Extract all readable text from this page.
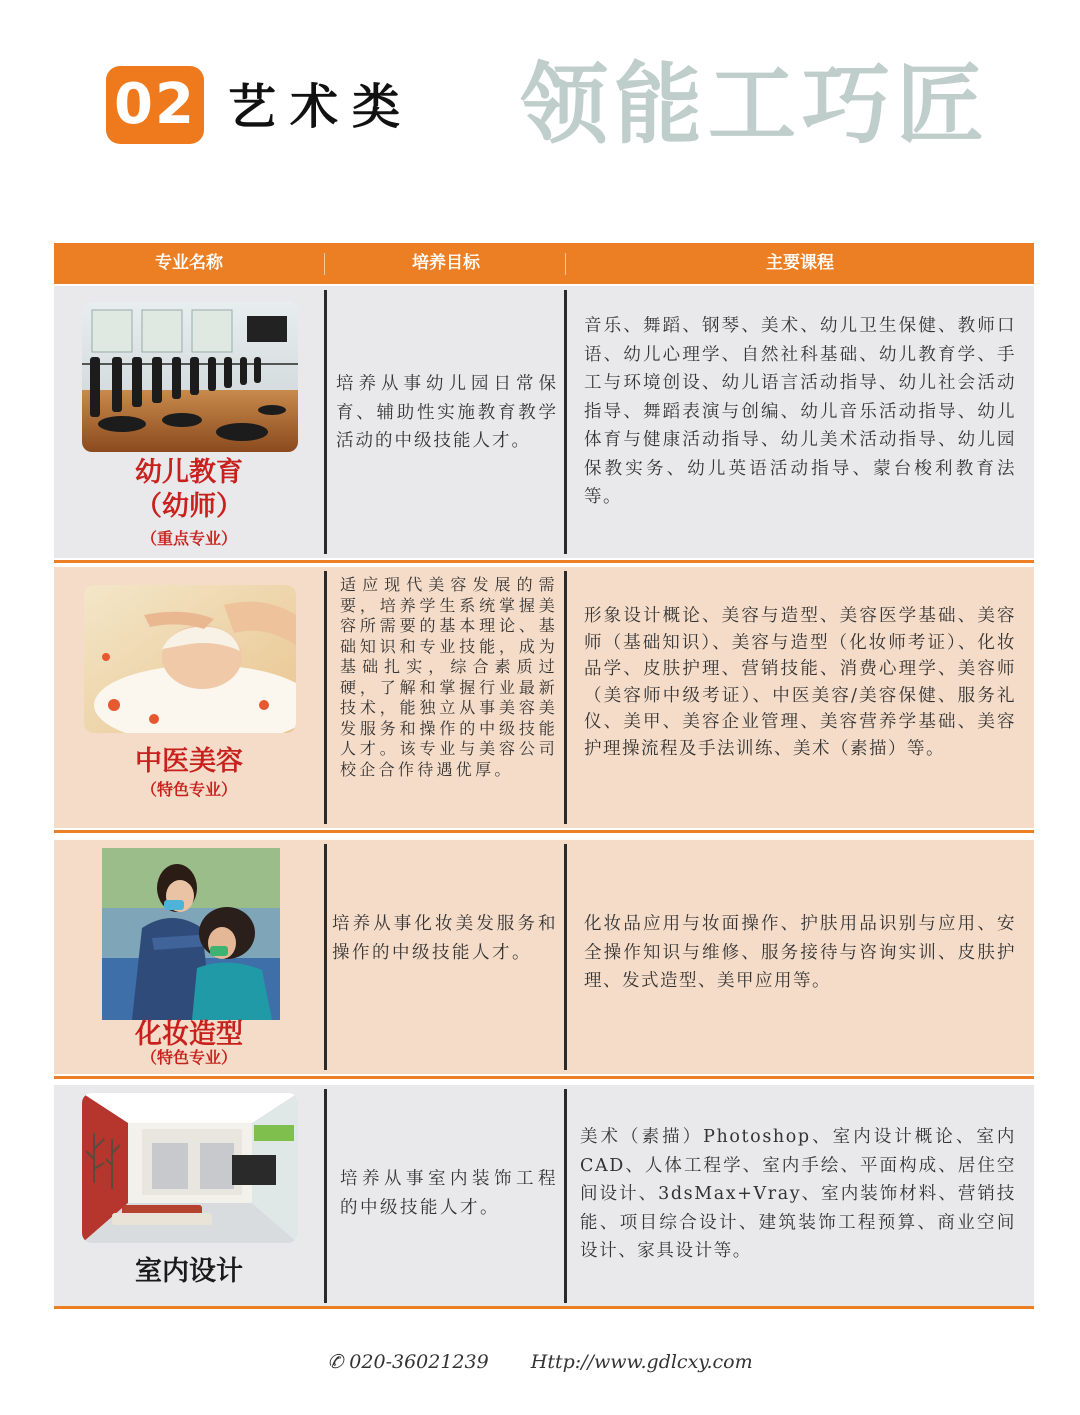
02 艺术类 领能工巧匠
专业名称	培养目标	主要课程
幼儿教育
（幼师）
（重点专业）
培养从事幼儿园日常保育、辅助性实施教育教学活动的中级技能人才。
音乐、舞蹈、钢琴、美术、幼儿卫生保健、教师口语、幼儿心理学、自然社科基础、幼儿教育学、手工与环境创设、幼儿语言活动指导、幼儿社会活动指导、舞蹈表演与创编、幼儿音乐活动指导、幼儿体育与健康活动指导、幼儿美术活动指导、幼儿园保教实务、幼儿英语活动指导、蒙台梭利教育法等。
中医美容
（特色专业）
适应现代美容发展的需要，培养学生系统掌握美容所需要的基本理论、基础知识和专业技能，成为基础扎实，综合素质过硬，了解和掌握行业最新技术，能独立从事美容美发服务和操作的中级技能人才。该专业与美容公司校企合作待遇优厚。
形象设计概论、美容与造型、美容医学基础、美容师（基础知识）、美容与造型（化妆师考证）、化妆品学、皮肤护理、营销技能、消费心理学、美容师（美容师中级考证）、中医美容/美容保健、服务礼仪、美甲、美容企业管理、美容营养学基础、美容护理操流程及手法训练、美术（素描）等。
化妆造型
（特色专业）
培养从事化妆美发服务和操作的中级技能人才。
化妆品应用与妆面操作、护肤用品识别与应用、安全操作知识与维修、服务接待与咨询实训、皮肤护理、发式造型、美甲应用等。
室内设计
培养从事室内装饰工程的中级技能人才。
美术（素描）Photoshop、室内设计概论、室内CAD、人体工程学、室内手绘、平面构成、居住空间设计、3dsMax+Vray、室内装饰材料、营销技能、项目综合设计、建筑装饰工程预算、商业空间设计、家具设计等。
✆ 020-36021239 Http://www.gdlcxy.com
